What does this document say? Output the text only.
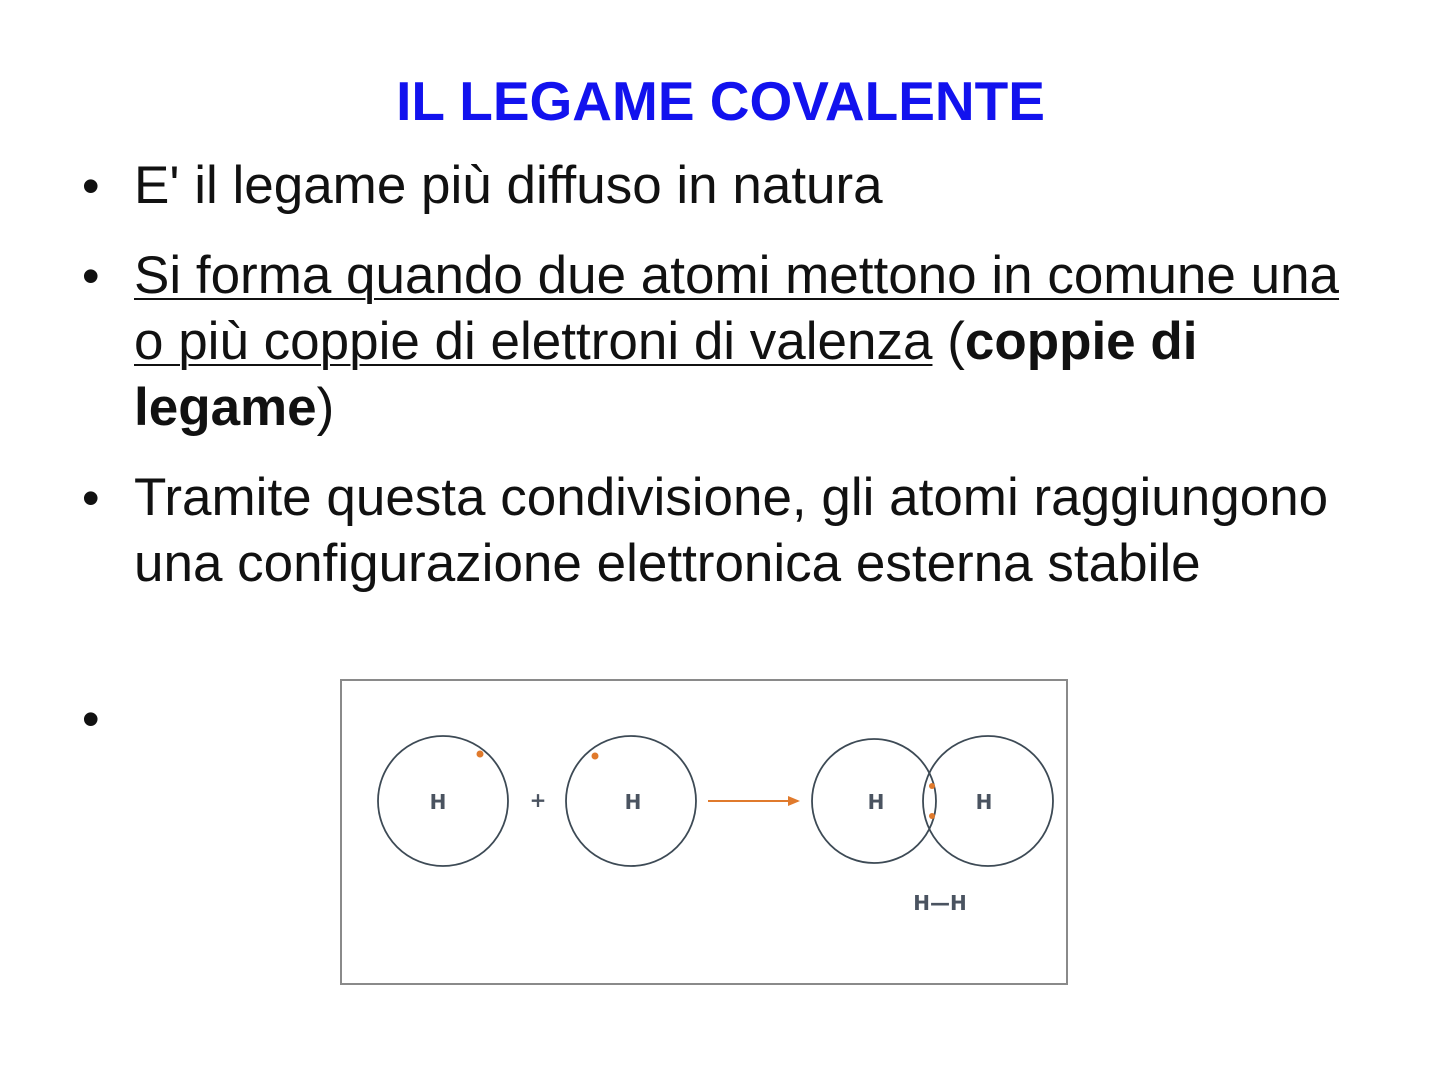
IL LEGAME COVALENTE
• E' il legame più diffuso in natura
• Si forma quando due atomi mettono in comune una o più coppie di elettroni di valenza (coppie di legame)
• Tramite questa condivisione, gli atomi raggiungono una configurazione elettronica esterna stabile
•
H	+	H	H	H
H—H
